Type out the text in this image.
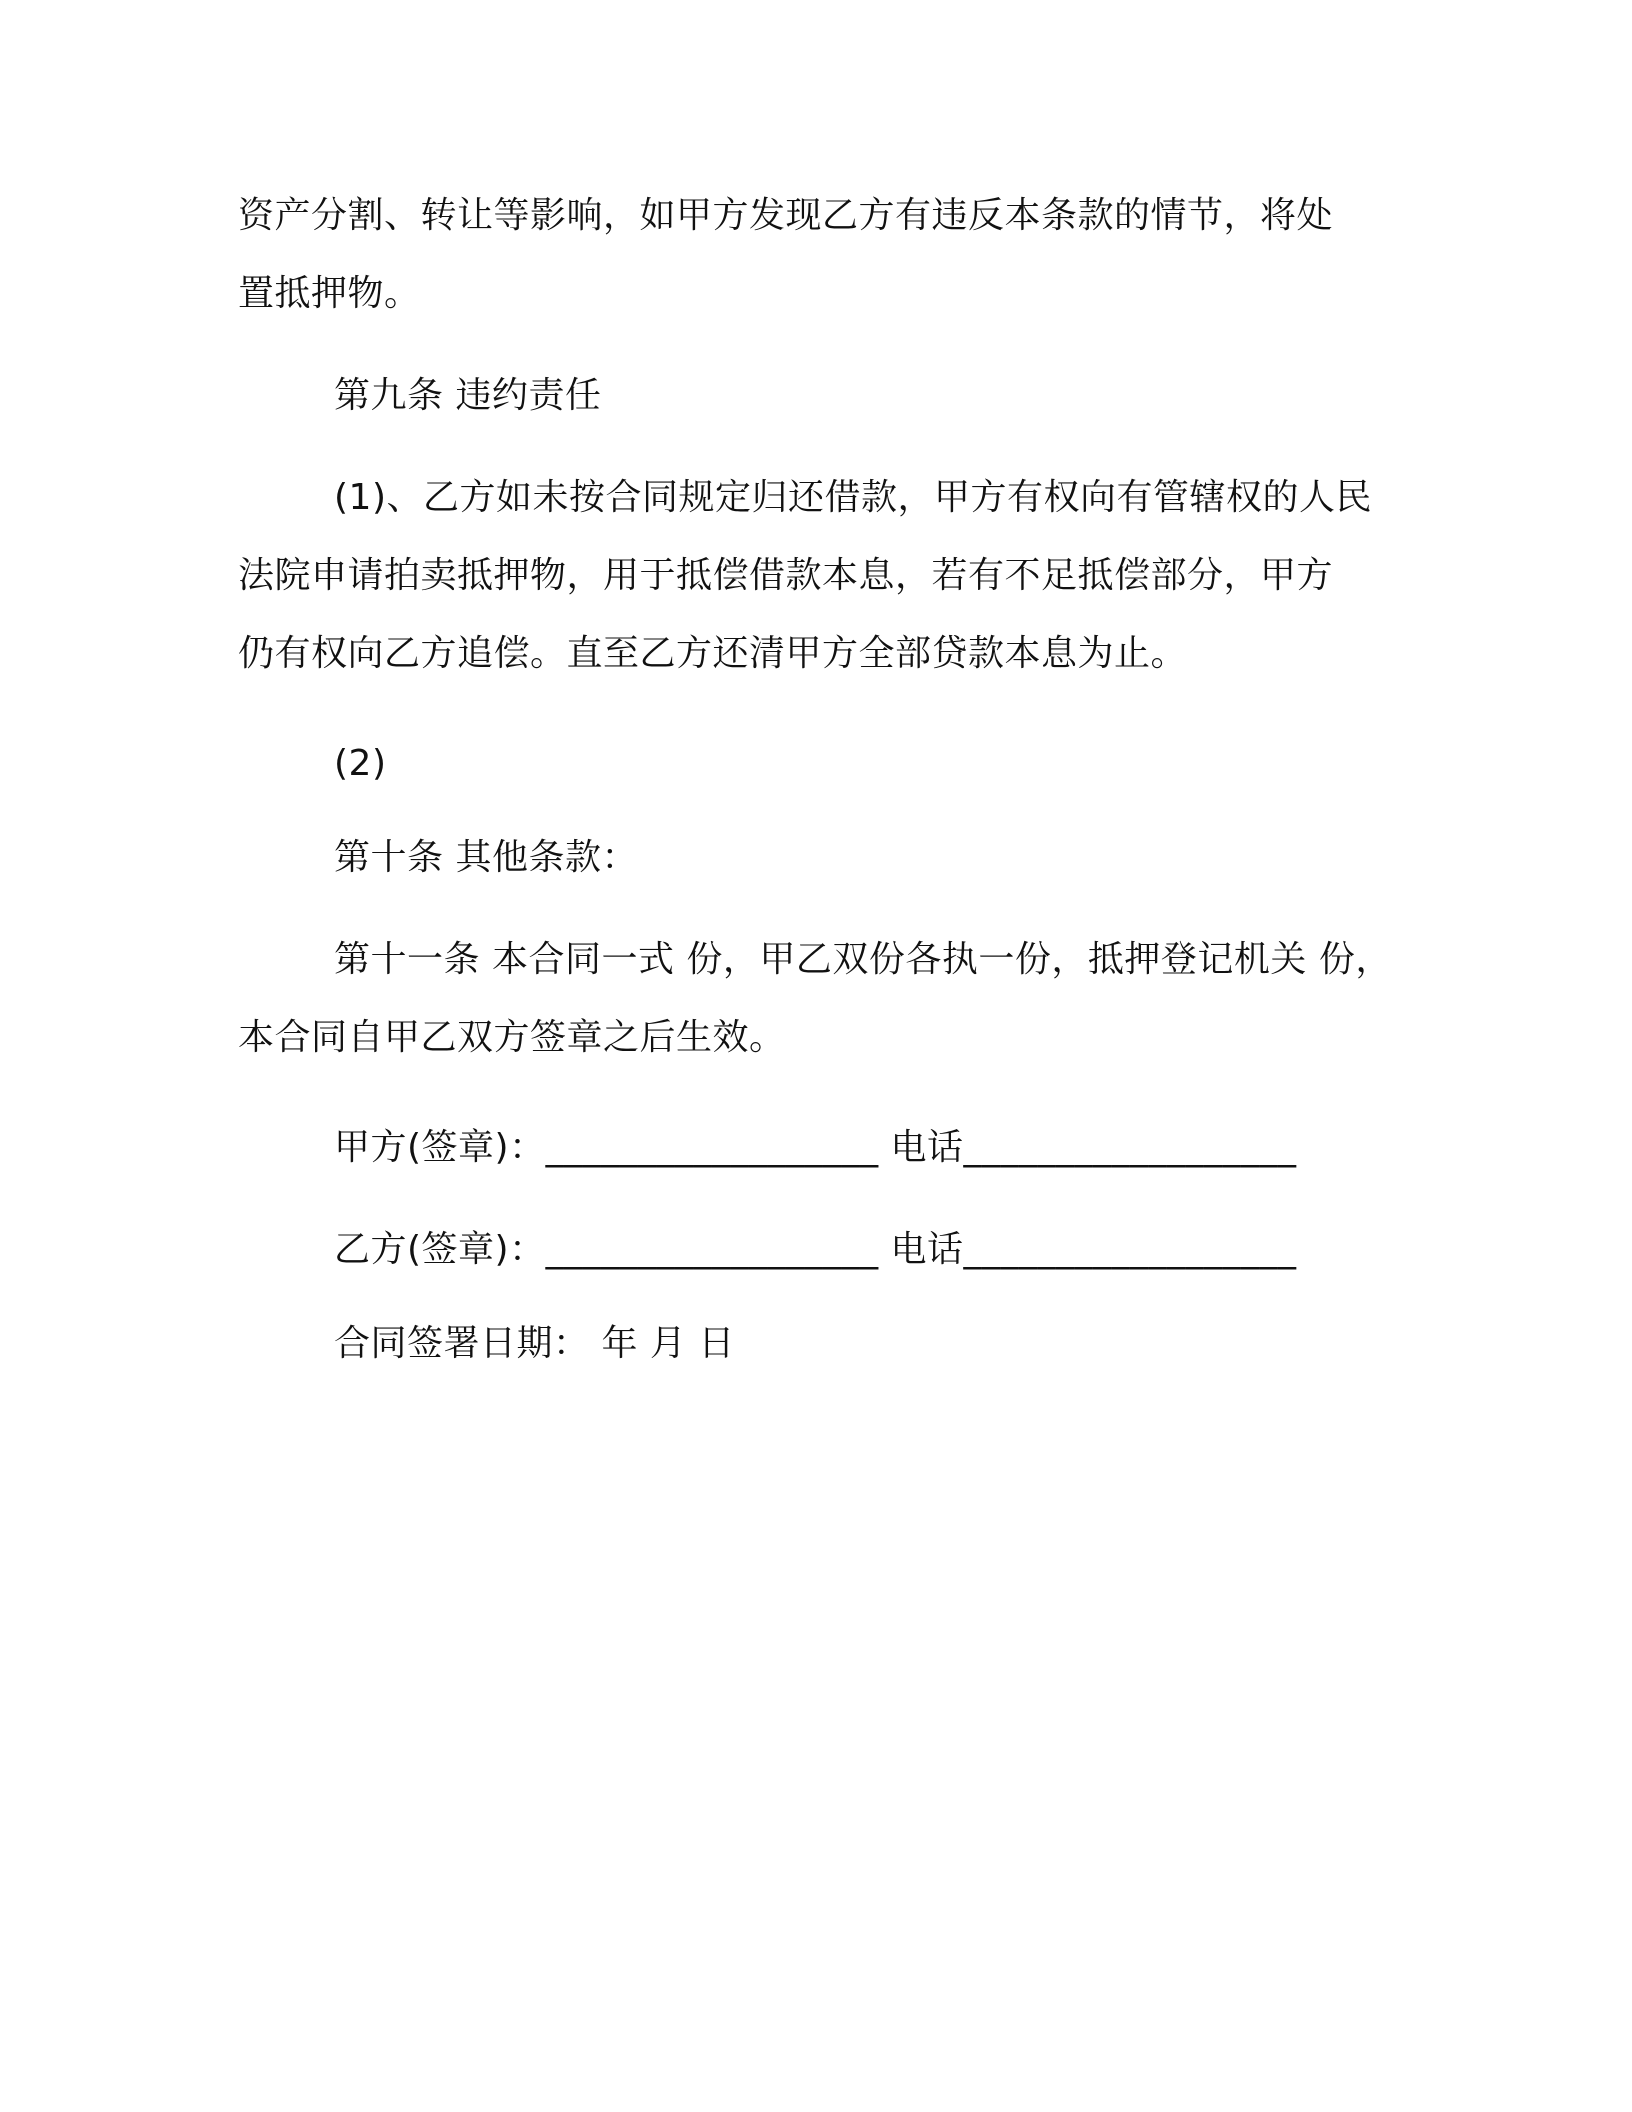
资产分割、转让等影响，如甲方发现乙方有违反本条款的情节，将处
置抵押物。
第九条 违约责任
(1)、乙方如未按合同规定归还借款，甲方有权向有管辖权的人民
法院申请拍卖抵押物，用于抵偿借款本息，若有不足抵偿部分，甲方
仍有权向乙方追偿。直至乙方还清甲方全部贷款本息为止。
(2)
第十条 其他条款：
第十一条 本合同一式 份，甲乙双份各执一份，抵押登记机关 份，
本合同自甲乙双方签章之后生效。
甲方(签章)：__________________ 电话__________________
乙方(签章)：__________________ 电话__________________
合同签署日期： 年 月 日
